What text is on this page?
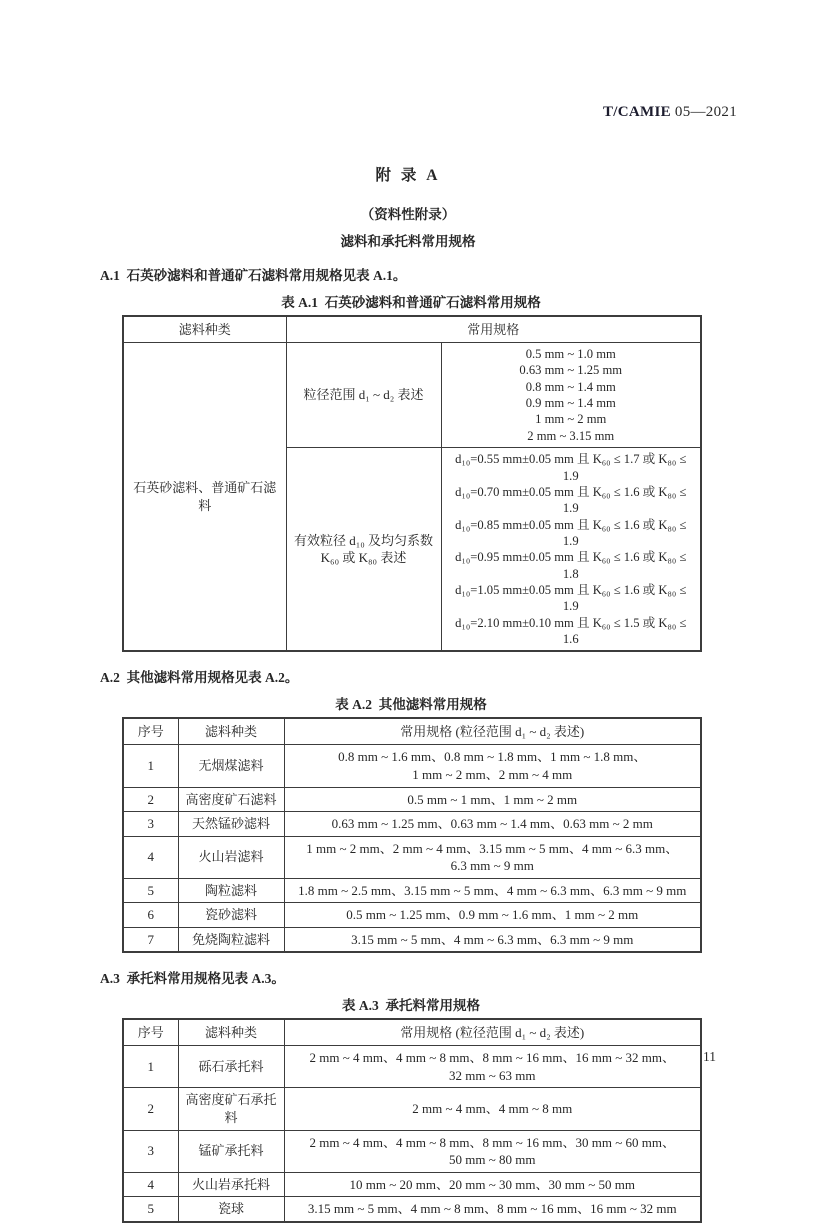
T/CAMIE 05—2021
附 录 A
（资料性附录）
滤料和承托料常用规格
A.1  石英砂滤料和普通矿石滤料常用规格见表 A.1。
表 A.1  石英砂滤料和普通矿石滤料常用规格
滤料种类	常用规格	
石英砂滤料、普通矿石滤料	粒径范围 d₁ ~ d₂ 表述	0.5 mm ~ 1.0 mm
0.63 mm ~ 1.25 mm
0.8 mm ~ 1.4 mm
0.9 mm ~ 1.4 mm
1 mm ~ 2 mm
2 mm ~ 3.15 mm
有效粒径 d₁₀ 及均匀系数
K₆₀ 或 K₈₀ 表述	d₁₀=0.55 mm±0.05 mm 且 K₆₀ ≤ 1.7 或 K₈₀ ≤ 1.9
d₁₀=0.70 mm±0.05 mm 且 K₆₀ ≤ 1.6 或 K₈₀ ≤ 1.9
d₁₀=0.85 mm±0.05 mm 且 K₆₀ ≤ 1.6 或 K₈₀ ≤ 1.9
d₁₀=0.95 mm±0.05 mm 且 K₆₀ ≤ 1.6 或 K₈₀ ≤ 1.8
d₁₀=1.05 mm±0.05 mm 且 K₆₀ ≤ 1.6 或 K₈₀ ≤ 1.9
d₁₀=2.10 mm±0.10 mm 且 K₆₀ ≤ 1.5 或 K₈₀ ≤ 1.6
A.2  其他滤料常用规格见表 A.2。
表 A.2  其他滤料常用规格
序号	滤料种类	常用规格 (粒径范围 d₁ ~ d₂ 表述)
1	无烟煤滤料	0.8 mm ~ 1.6 mm、0.8 mm ~ 1.8 mm、1 mm ~ 1.8 mm、
1 mm ~ 2 mm、2 mm ~ 4 mm
2	高密度矿石滤料	0.5 mm ~ 1 mm、1 mm ~ 2 mm
3	天然锰砂滤料	0.63 mm ~ 1.25 mm、0.63 mm ~ 1.4 mm、0.63 mm ~ 2 mm
4	火山岩滤料	1 mm ~ 2 mm、2 mm ~ 4 mm、3.15 mm ~ 5 mm、4 mm ~ 6.3 mm、
6.3 mm ~ 9 mm
5	陶粒滤料	1.8 mm ~ 2.5 mm、3.15 mm ~ 5 mm、4 mm ~ 6.3 mm、6.3 mm ~ 9 mm
6	瓷砂滤料	0.5 mm ~ 1.25 mm、0.9 mm ~ 1.6 mm、1 mm ~ 2 mm
7	免烧陶粒滤料	3.15 mm ~ 5 mm、4 mm ~ 6.3 mm、6.3 mm ~ 9 mm
A.3  承托料常用规格见表 A.3。
表 A.3  承托料常用规格
序号	滤料种类	常用规格 (粒径范围 d₁ ~ d₂ 表述)
1	砾石承托料	2 mm ~ 4 mm、4 mm ~ 8 mm、8 mm ~ 16 mm、16 mm ~ 32 mm、
32 mm ~ 63 mm
2	高密度矿石承托料	2 mm ~ 4 mm、4 mm ~ 8 mm
3	锰矿承托料	2 mm ~ 4 mm、4 mm ~ 8 mm、8 mm ~ 16 mm、30 mm ~ 60 mm、
50 mm ~ 80 mm
4	火山岩承托料	10 mm ~ 20 mm、20 mm ~ 30 mm、30 mm ~ 50 mm
5	瓷球	3.15 mm ~ 5 mm、4 mm ~ 8 mm、8 mm ~ 16 mm、16 mm ~ 32 mm
11
